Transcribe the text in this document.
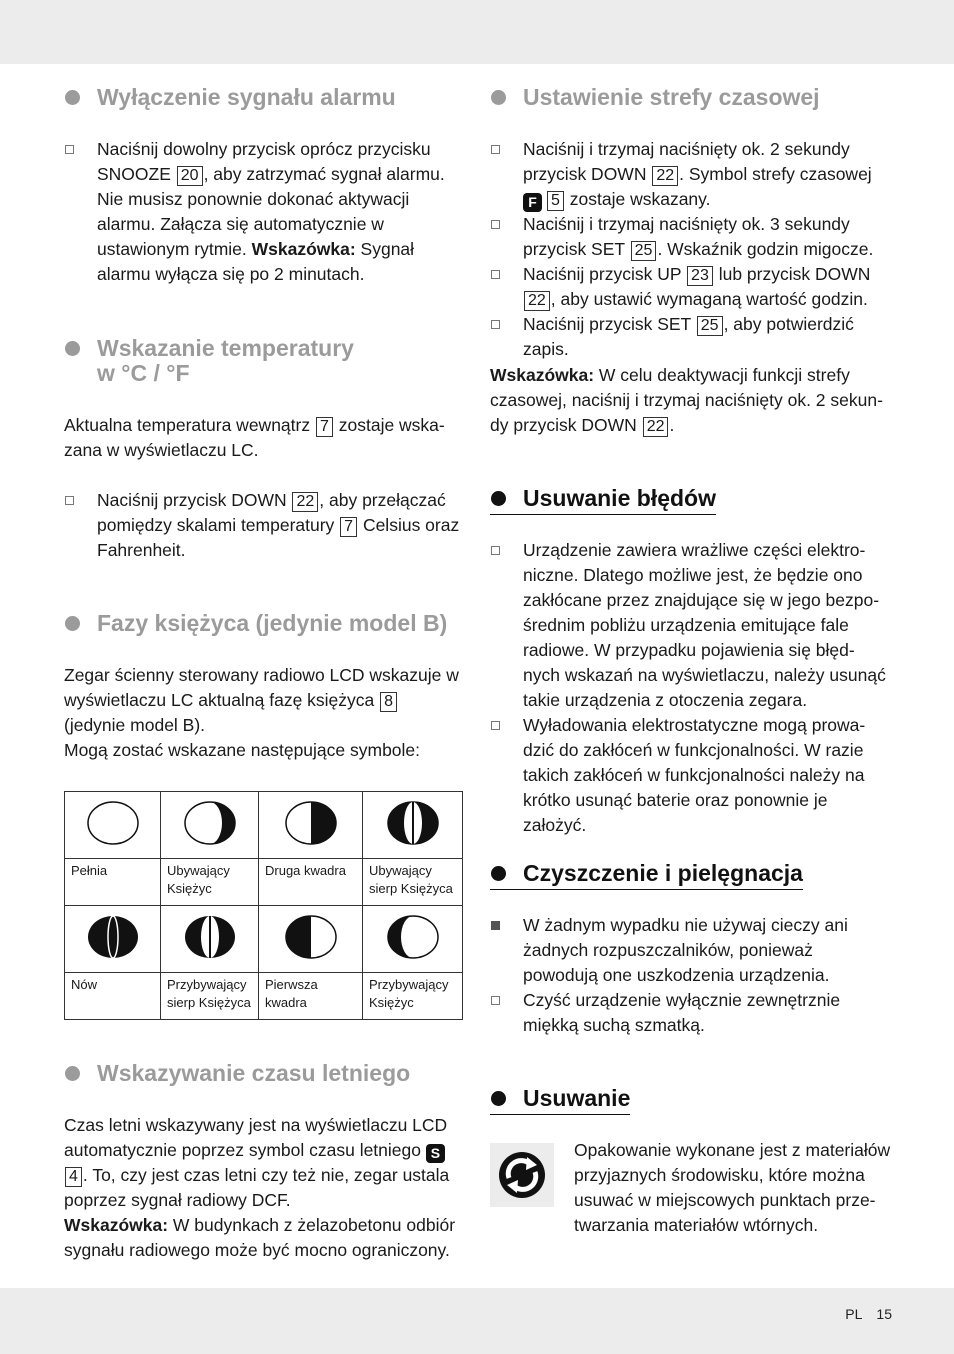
Wyłączenie sygnału alarmu
Naciśnij dowolny przycisk oprócz przycisku SNOOZE 20 , aby zatrzymać sygnał alarmu. Nie musisz ponownie dokonać aktywacji alarmu. Załącza się automatycznie w ustawionym rytmie. Wskazówka: Sygnał alarmu wyłącza się po 2 minutach.
Wskazanie temperatury
w °C / °F

Aktualna temperatura wewnątrz 7 zostaje wska- zana w wyświetlaczu LC.

Naciśnij przycisk DOWN 22 , aby przełączać pomiędzy skalami temperatury 7 Celsius oraz Fahrenheit.
Fazy księżyca (jedynie model B)

Zegar ścienny sterowany radiowo LCD wskazuje w wyświetlaczu LC aktualną fazę księżyca 8 (jedynie model B).

Mogą zostać wskazane następujące symbole:

Wskazywanie czasu letniego

Czas letni wskazywany jest na wyświetlaczu LCD automatycznie poprzez symbol czasu letniego S4 . To, czy jest czas letni czy też nie, zegar ustala poprzez sygnał radiowy DCF.

Wskazówka: W budynkach z żelazobetonu odbiór sygnału radiowego może być mocno ograniczony.

Pełnia	Ubywający Księżyc	Druga kwadra	Ubywający sierp Księżyca

Nów	Przybywający sierp Księżyca	Pierwsza kwadra	Przybywający Księżyc
Ustawienie strefy czasowej
Naciśnij i trzymaj naciśnięty ok. 2 sekundy przycisk DOWN 22 . Symbol strefy czasowej
F 5 zostaje wskazany.
Naciśnij i trzymaj naciśnięty ok. 3 sekundy przycisk SET 25 . Wskaźnik godzin migocze.
Naciśnij przycisk UP 23 lub przycisk DOWN 22 , aby ustawić wymaganą wartość godzin.
Naciśnij przycisk SET 25 , aby potwierdzić zapis.

Wskazówka: W celu deaktywacji funkcji strefy czasowej, naciśnij i trzymaj naciśnięty ok. 2 sekun- dy przycisk DOWN 22 .

Usuwanie błędów
Urządzenie zawiera wrażliwe części elektro- niczne. Dlatego możliwe jest, że będzie ono zakłócane przez znajdujące się w jego bezpo- średnim pobliżu urządzenia emitujące fale radiowe. W przypadku pojawienia się błęd- nych wskazań na wyświetlaczu, należy usunąć takie urządzenia z otoczenia zegara.
Wyładowania elektrostatyczne mogą prowa- dzić do zakłóceń w funkcjonalności. W razie takich zakłóceń w funkcjonalności należy na krótko usunąć baterie oraz ponownie je założyć.
Czyszczenie i pielęgnacja
W żadnym wypadku nie używaj cieczy ani żadnych rozpuszczalników, ponieważ powodują one uszkodzenia urządzenia.
Czyść urządzenie wyłącznie zewnętrznie miękką suchą szmatką.
Usuwanie

Opakowanie wykonane jest z materiałów przyjaznych środowisku, które można usuwać w miejscowych punktach prze- twarzania materiałów wtórnych.

PL 15
